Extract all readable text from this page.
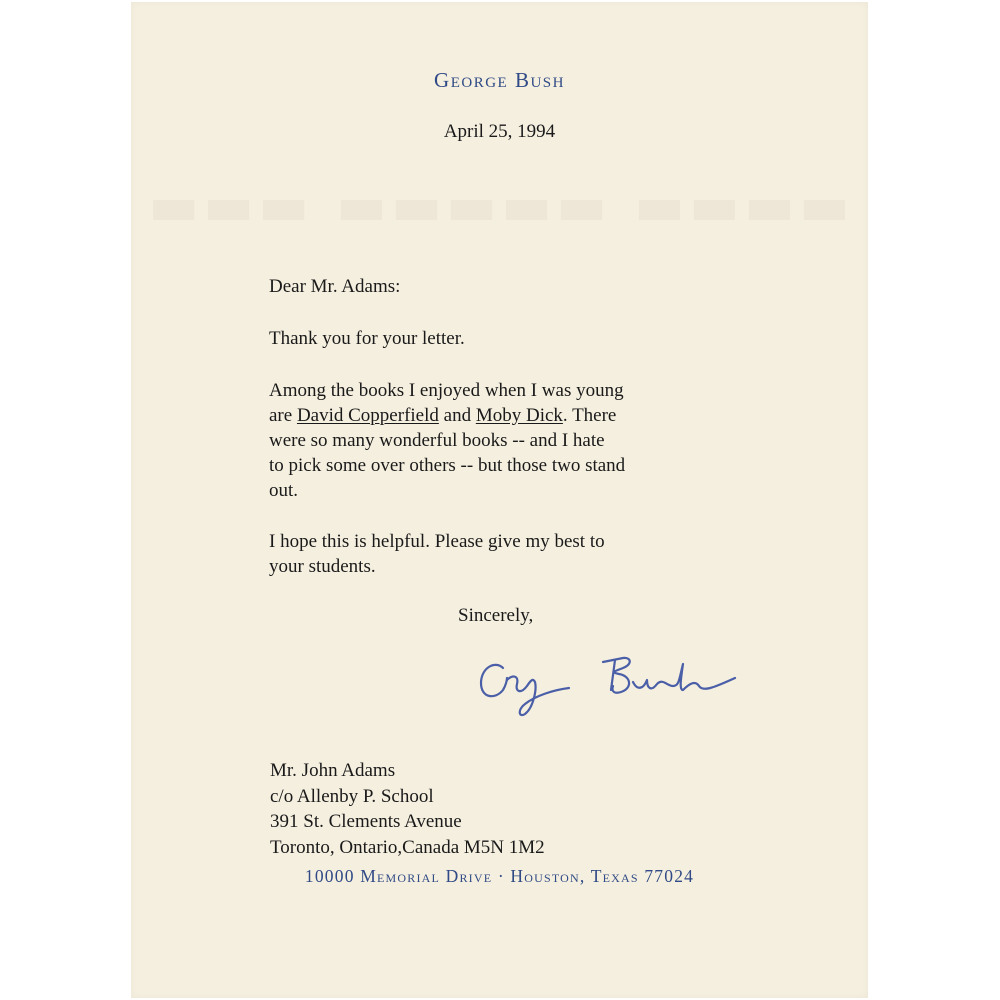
▬▬▬ ▬▬▬▬▬ ▬▬▬▬
George Bush
April 25, 1994
Dear Mr. Adams:
Thank you for your letter.
Among the books I enjoyed when I was young
are David Copperfield and Moby Dick. There
were so many wonderful books -- and I hate
to pick some over others -- but those two stand
out.
I hope this is helpful. Please give my best to
your students.
Sincerely,
Mr. John Adams
c/o Allenby P. School
391 St. Clements Avenue
Toronto, Ontario,Canada M5N 1M2
10000 Memorial Drive · Houston, Texas 77024
